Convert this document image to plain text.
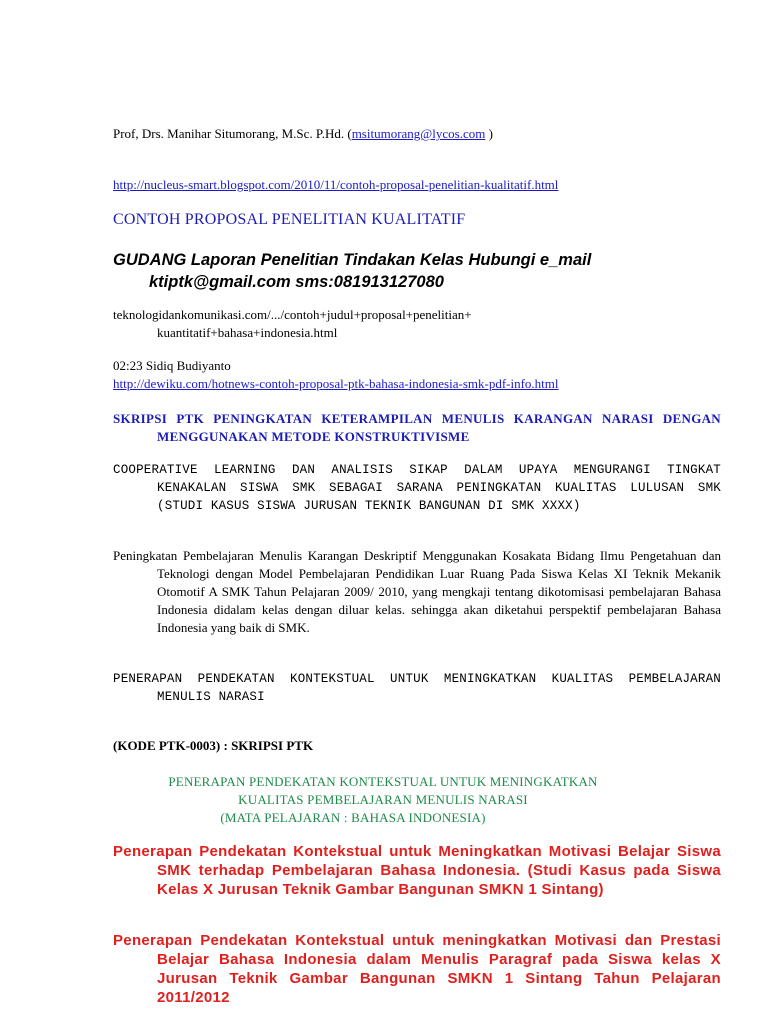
Prof, Drs. Manihar Situmorang, M.Sc. P.Hd. (msitumorang@lycos.com )
http://nucleus-smart.blogspot.com/2010/11/contoh-proposal-penelitian-kualitatif.html
CONTOH PROPOSAL PENELITIAN KUALITATIF
GUDANG Laporan Penelitian Tindakan Kelas Hubungi e_mail
ktiptk@gmail.com sms:081913127080
teknologidankomunikasi.com/.../contoh+judul+proposal+penelitian+
kuantitatif+bahasa+indonesia.html
02:23 Sidiq Budiyanto
http://dewiku.com/hotnews-contoh-proposal-ptk-bahasa-indonesia-smk-pdf-info.html
SKRIPSI PTK PENINGKATAN KETERAMPILAN MENULIS KARANGAN NARASI DENGAN MENGGUNAKAN METODE KONSTRUKTIVISME
COOPERATIVE LEARNING DAN ANALISIS SIKAP DALAM UPAYA MENGURANGI TINGKAT KENAKALAN SISWA SMK SEBAGAI SARANA PENINGKATAN KUALITAS LULUSAN SMK (STUDI KASUS SISWA JURUSAN TEKNIK BANGUNAN DI SMK XXXX)
Peningkatan Pembelajaran Menulis Karangan Deskriptif Menggunakan Kosakata Bidang Ilmu Pengetahuan dan Teknologi dengan Model Pembelajaran Pendidikan Luar Ruang Pada Siswa Kelas XI Teknik Mekanik Otomotif A SMK Tahun Pelajaran 2009/ 2010, yang mengkaji tentang dikotomisasi pembelajaran Bahasa Indonesia didalam kelas dengan diluar kelas. sehingga akan diketahui perspektif pembelajaran Bahasa Indonesia yang baik di SMK.
PENERAPAN PENDEKATAN KONTEKSTUAL UNTUK MENINGKATKAN KUALITAS PEMBELAJARAN MENULIS NARASI
(KODE PTK-0003) : SKRIPSI PTK
PENERAPAN PENDEKATAN KONTEKSTUAL UNTUK MENINGKATKAN
KUALITAS PEMBELAJARAN MENULIS NARASI
(MATA PELAJARAN : BAHASA INDONESIA)
Penerapan Pendekatan Kontekstual untuk Meningkatkan Motivasi Belajar Siswa SMK terhadap Pembelajaran Bahasa Indonesia. (Studi Kasus pada Siswa Kelas X Jurusan Teknik Gambar Bangunan SMKN 1 Sintang)
Penerapan Pendekatan Kontekstual untuk meningkatkan Motivasi dan Prestasi Belajar Bahasa Indonesia dalam Menulis Paragraf pada Siswa kelas X Jurusan Teknik Gambar Bangunan SMKN 1 Sintang Tahun Pelajaran 2011/2012
